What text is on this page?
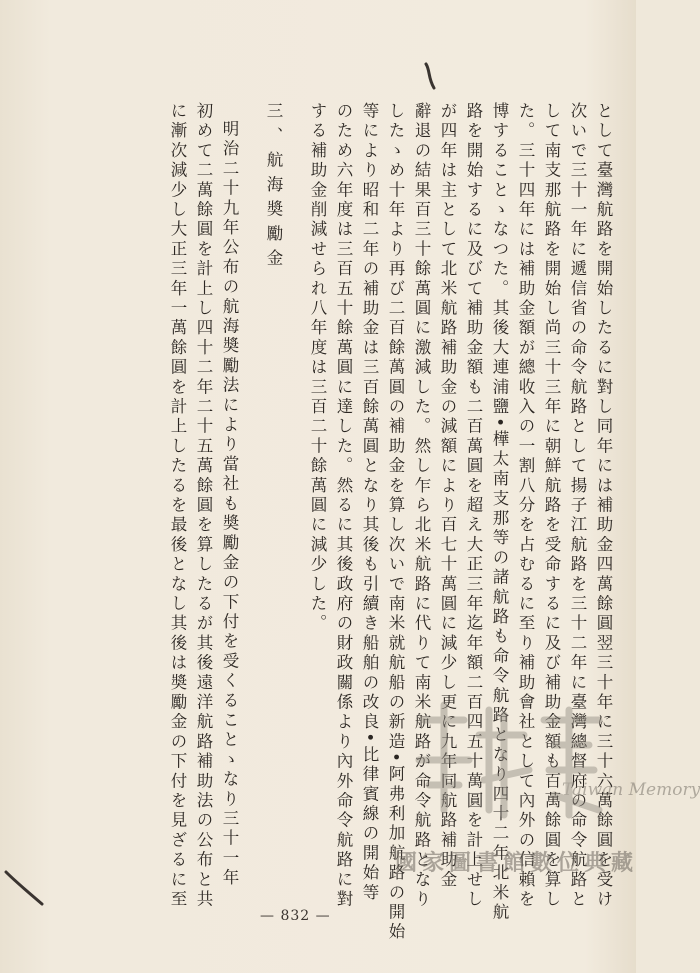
として臺灣航路を開始したるに對し同年には補助金四萬餘圓翌三十年に三十六萬餘圓を受け
次いで三十一年に遞信省の命令航路として揚子江航路を三十二年に臺灣總督府の命令航路と
して南支那航路を開始し尚三十三年に朝鮮航路を受命するに及び補助金額も百萬餘圓を算し
た。三十四年には補助金額が總收入の一割八分を占むるに至り補助會社として內外の信賴を
博することゝなつた。其後大連浦鹽•樺太南支那等の諸航路も命令航路となり四十二年北米航
路を開始するに及びて補助金額も二百萬圓を超え大正三年迄年額二百四五十萬圓を計上せし
が四年は主として北米航路補助金の減額により百七十萬圓に減少し更に九年同航路補助金
辭退の結果百三十餘萬圓に激減した。然し乍ら北米航路に代りて南米航路が命令航路となり
したゝめ十年より再び二百餘萬圓の補助金を算し次いで南米就航船の新造•阿弗利加航路の開始
等により昭和二年の補助金は三百餘萬圓となり其後も引續き船舶の改良•比律賓線の開始等
のため六年度は三百五十餘萬圓に達した。然るに其後政府の財政關係より內外命令航路に對
する補助金削減せられ八年度は三百二十餘萬圓に減少した。
三、航海奬勵金
明治二十九年公布の航海奬勵法により當社も奬勵金の下付を受くることゝなり三十一年
初めて二萬餘圓を計上し四十二年二十五萬餘圓を算したるが其後遠洋航路補助法の公布と共
に漸次減少し大正三年一萬餘圓を計上したるを最後となし其後は奬勵金の下付を見ざるに至
— 832 —
Taiwan Memory
國家圖書館數位典藏
